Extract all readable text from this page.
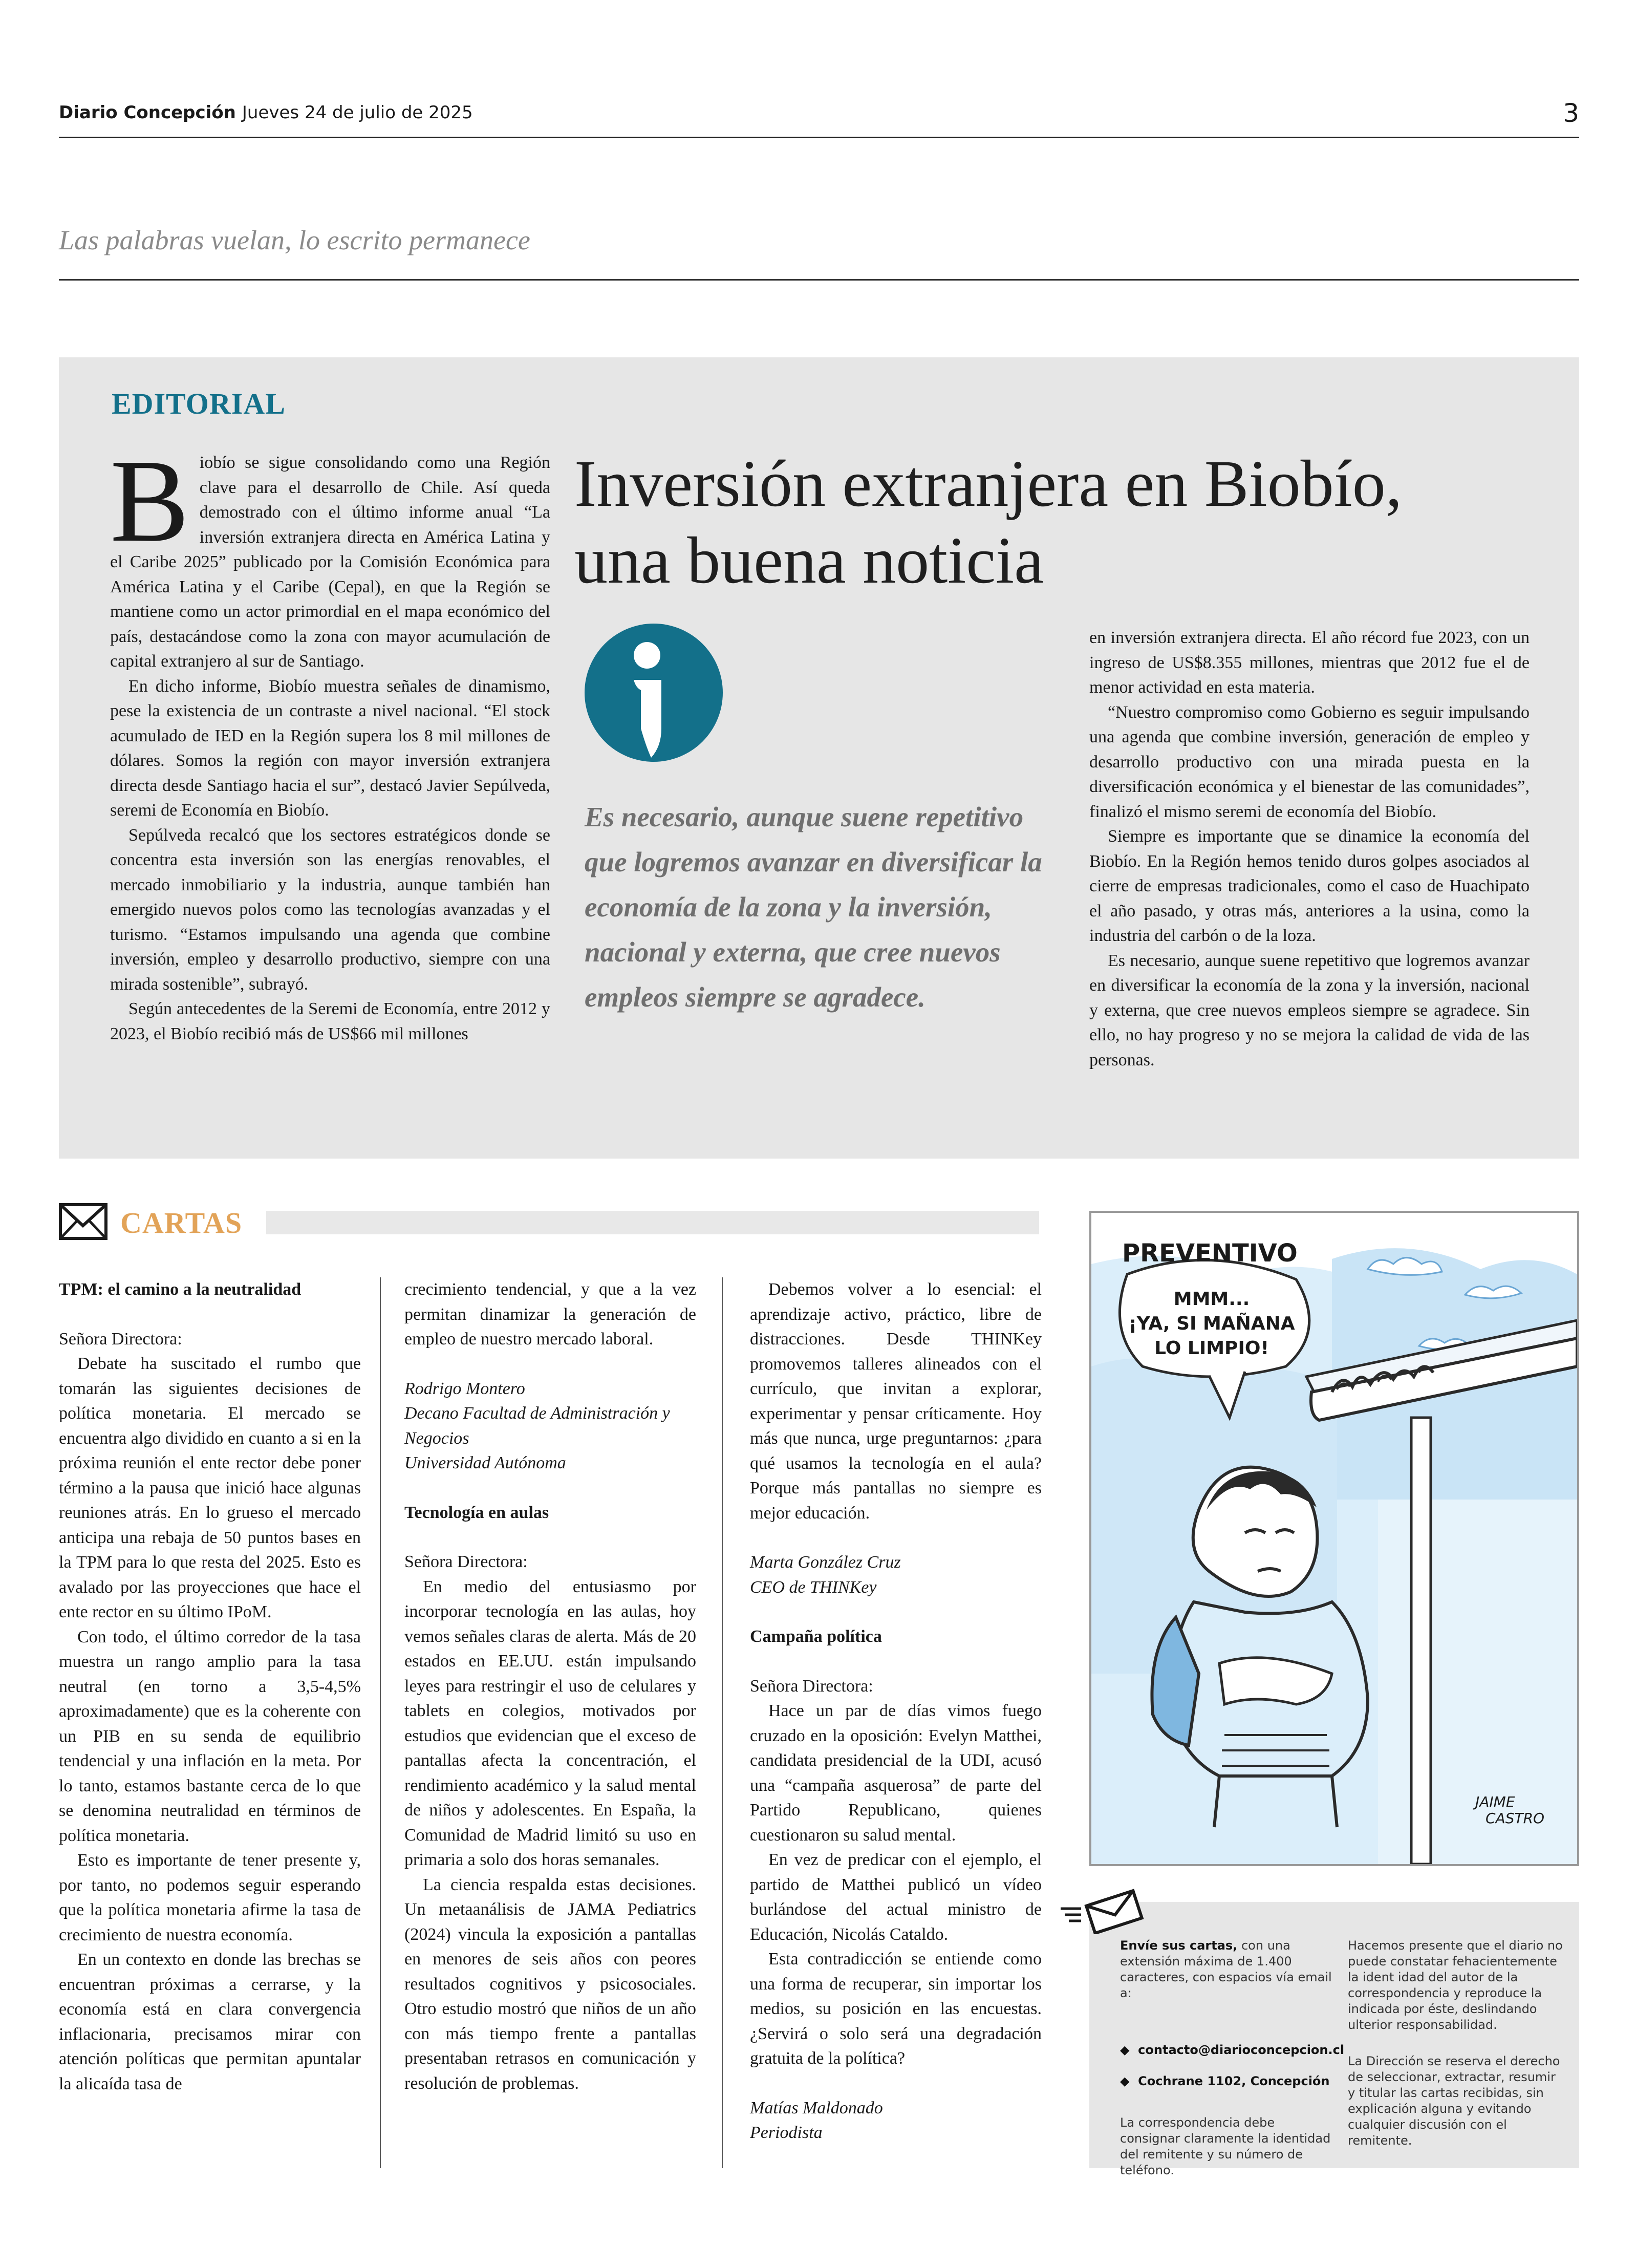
Diario Concepción Jueves 24 de julio de 2025	3
Las palabras vuelan, lo escrito permanece
EDITORIAL

Biobío se sigue consolidando como una Región clave para el desarrollo de Chile. Así queda demostrado con el último informe anual “La inversión extranjera directa en América Latina y el Caribe 2025” publicado por la Comisión Económica para América Latina y el Caribe (Cepal), en que la Región se mantiene como un actor primordial en el mapa económico del país, destacándose como la zona con mayor acumulación de capital extranjero al sur de Santiago.

En dicho informe, Biobío muestra señales de dinamismo, pese la existencia de un contraste a nivel nacional. “El stock acumulado de IED en la Región supera los 8 mil millones de dólares. Somos la región con mayor inversión extranjera directa desde Santiago hacia el sur”, destacó Javier Sepúlveda, seremi de Economía en Biobío.

Sepúlveda recalcó que los sectores estratégicos donde se concentra esta inversión son las energías renovables, el mercado inmobiliario y la industria, aunque también han emergido nuevos polos como las tecnologías avanzadas y el turismo. “Estamos impulsando una agenda que combine inversión, empleo y desarrollo productivo, siempre con una mirada sostenible”, subrayó.

Según antecedentes de la Seremi de Economía, entre 2012 y 2023, el Biobío recibió más de US$66 mil millones

Inversión extranjera en Biobío,
una buena noticia
Es necesario, aunque suene repetitivo que logremos avanzar en diversificar la economía de la zona y la inversión, nacional y externa, que cree nuevos empleos siempre se agradece.

en inversión extranjera directa. El año récord fue 2023, con un ingreso de US$8.355 millones, mientras que 2012 fue el de menor actividad en esta materia.

“Nuestro compromiso como Gobierno es seguir impulsando una agenda que combine inversión, generación de empleo y desarrollo productivo con una mirada puesta en la diversificación económica y el bienestar de las comunidades”, finalizó el mismo seremi de economía del Biobío.

Siempre es importante que se dinamice la economía del Biobío. En la Región hemos tenido duros golpes asociados al cierre de empresas tradicionales, como el caso de Huachipato el año pasado, y otras más, anteriores a la usina, como la industria del carbón o de la loza.

Es necesario, aunque suene repetitivo que logremos avanzar en diversificar la economía de la zona y la inversión, nacional y externa, que cree nuevos empleos siempre se agradece. Sin ello, no hay progreso y no se mejora la calidad de vida de las personas.

CARTAS

TPM: el camino a la neutralidad

Señora Directora:

Debate ha suscitado el rumbo que tomarán las siguientes decisiones de política monetaria. El mercado se encuentra algo dividido en cuanto a si en la próxima reunión el ente rector debe poner término a la pausa que inició hace algunas reuniones atrás. En lo grueso el mercado anticipa una rebaja de 50 puntos bases en la TPM para lo que resta del 2025. Esto es avalado por las proyecciones que hace el ente rector en su último IPoM.

Con todo, el último corredor de la tasa muestra un rango amplio para la tasa neutral (en torno a 3,5-4,5% aproximadamente) que es la coherente con un PIB en su senda de equilibrio tendencial y una inflación en la meta. Por lo tanto, estamos bastante cerca de lo que se denomina neutralidad en términos de política monetaria.

Esto es importante de tener presente y, por tanto, no podemos seguir esperando que la política monetaria afirme la tasa de crecimiento de nuestra economía.

En un contexto en donde las brechas se encuentran próximas a cerrarse, y la economía está en clara convergencia inflacionaria, precisamos mirar con atención políticas que permitan apuntalar la alicaída tasa de

crecimiento tendencial, y que a la vez permitan dinamizar la generación de empleo de nuestro mercado laboral.

Rodrigo Montero

Decano Facultad de Administración y Negocios

Universidad Autónoma

Tecnología en aulas

Señora Directora:

En medio del entusiasmo por incorporar tecnología en las aulas, hoy vemos señales claras de alerta. Más de 20 estados en EE.UU. están impulsando leyes para restringir el uso de celulares y tablets en colegios, motivados por estudios que evidencian que el exceso de pantallas afecta la concentración, el rendimiento académico y la salud mental de niños y adolescentes. En España, la Comunidad de Madrid limitó su uso en primaria a solo dos horas semanales.

La ciencia respalda estas decisiones. Un metaanálisis de JAMA Pediatrics (2024) vincula la exposición a pantallas en menores de seis años con peores resultados cognitivos y psicosociales. Otro estudio mostró que niños de un año con más tiempo frente a pantallas presentaban retrasos en comunicación y resolución de problemas.

Debemos volver a lo esencial: el aprendizaje activo, práctico, libre de distracciones. Desde THINKey promovemos talleres alineados con el currículo, que invitan a explorar, experimentar y pensar críticamente. Hoy más que nunca, urge preguntarnos: ¿para qué usamos la tecnología en el aula? Porque más pantallas no siempre es mejor educación.

Marta González Cruz

CEO de THINKey

Campaña política

Señora Directora:

Hace un par de días vimos fuego cruzado en la oposición: Evelyn Matthei, candidata presidencial de la UDI, acusó una “campaña asquerosa” de parte del Partido Republicano, quienes cuestionaron su salud mental.

En vez de predicar con el ejemplo, el partido de Matthei publicó un vídeo burlándose del actual ministro de Educación, Nicolás Cataldo.

Esta contradicción se entiende como una forma de recuperar, sin importar los medios, su posición en las encuestas. ¿Servirá o solo será una degradación gratuita de la política?

Matías Maldonado

Periodista

PREVENTIVO
MMM...
¡YA, SI MAÑANA
LO LIMPIO!
JAIME
CASTRO
Envíe sus cartas, con una extensión máxima de 1.400 caracteres, con espacios vía email a:
◆  contacto@diarioconcepcion.cl
◆  Cochrane 1102, Concepción
La correspondencia debe consignar claramente la identidad del remitente y su número de teléfono.
Hacemos presente que el diario no puede constatar fehacientemente la ident idad del autor de la correspondencia y reproduce la indicada por éste, deslindando ulterior responsabilidad.
La Dirección se reserva el derecho de seleccionar, extractar, resumir y titular las cartas recibidas, sin explicación alguna y evitando cualquier discusión con el remitente.
